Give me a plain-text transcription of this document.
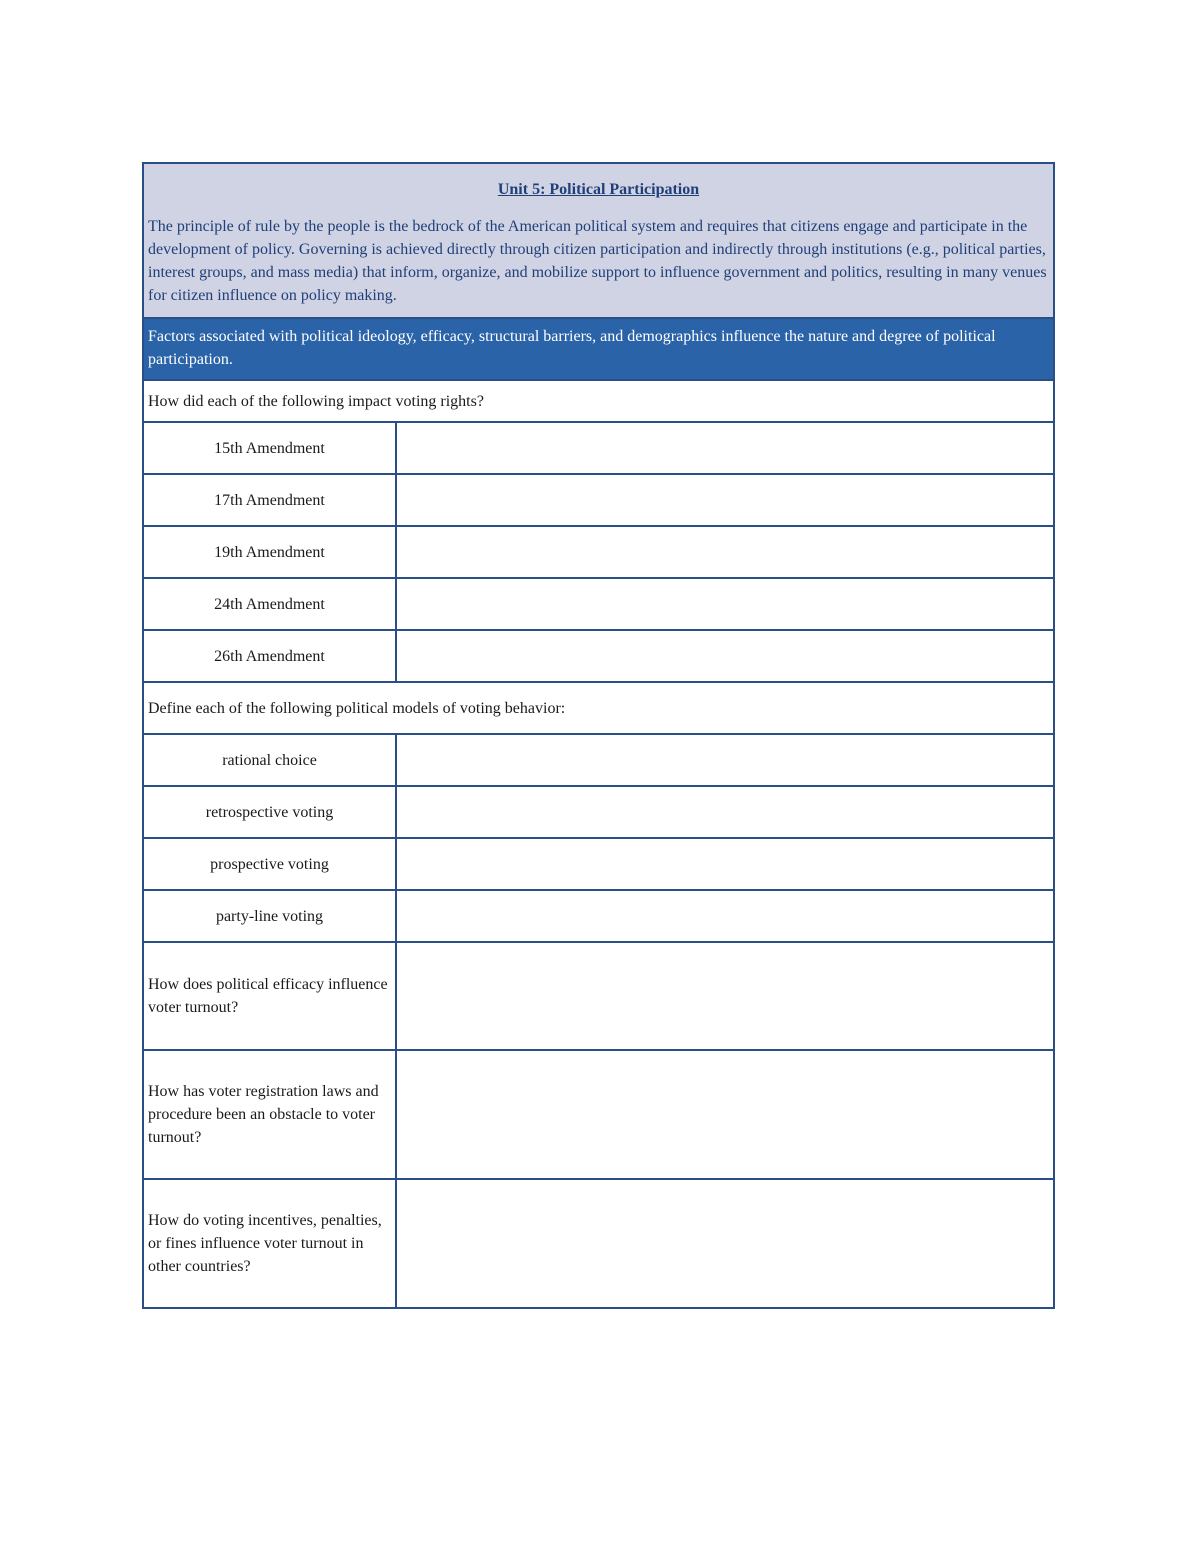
Unit 5: Political Participation

The principle of rule by the people is the bedrock of the American political system and requires that citizens engage and participate in the development of policy. Governing is achieved directly through citizen participation and indirectly through institutions (e.g., political parties, interest groups, and mass media) that inform, organize, and mobilize support to influence government and politics, resulting in many venues for citizen influence on policy making.	

Factors associated with political ideology, efficacy, structural barriers, and demographics influence the nature and degree of political participation.	
How did each of the following impact voting rights?	
15th Amendment	
17th Amendment	
19th Amendment	
24th Amendment	
26th Amendment	
Define each of the following political models of voting behavior:	
rational choice	
retrospective voting	
prospective voting	
party-line voting	
How does political efficacy influence voter turnout?	
How has voter registration laws and procedure been an obstacle to voter turnout?	
How do voting incentives, penalties, or fines influence voter turnout in other countries?	
